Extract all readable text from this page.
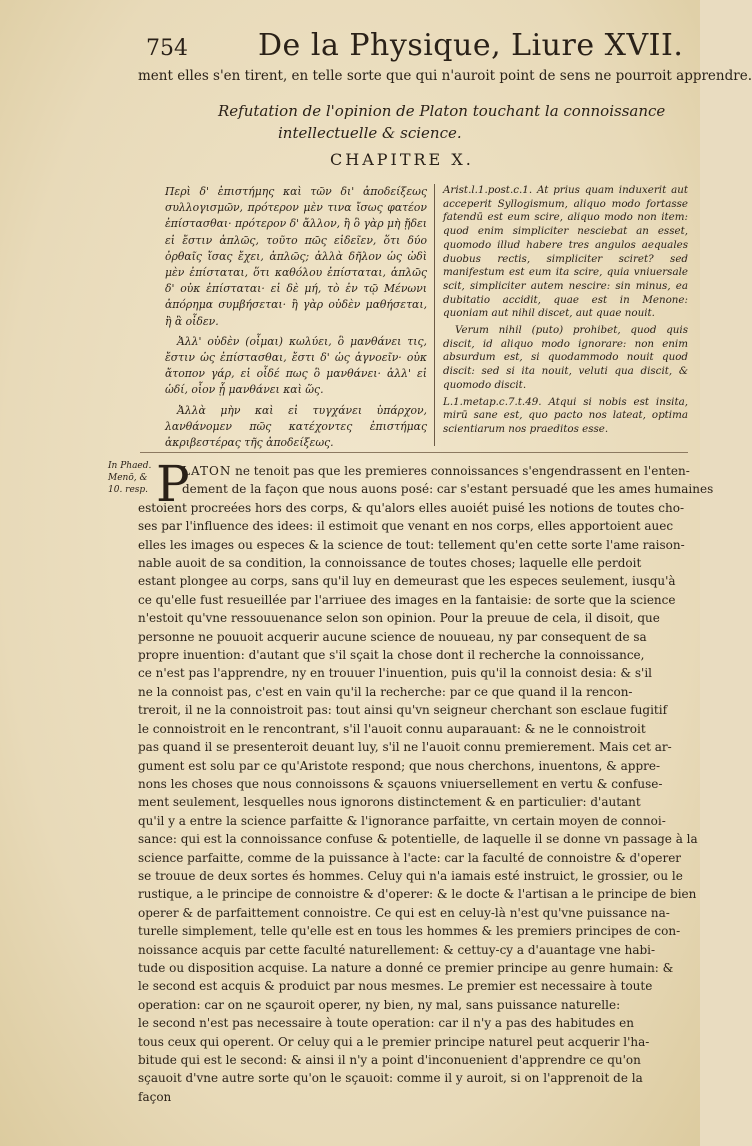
754 De la Physique, Liure XVII.
ment elles s'en tirent, en telle sorte que qui n'auroit point de sens ne pourroit apprendre.
Refutation de l'opinion de Platon touchant la connoissance
intellectuelle & science.
CHAPITRE X.

Περὶ δ' ἐπιστήμης καὶ τῶν δι' ἀποδείξεως συλλογισμῶν, πρότερον μὲν τινα ἴσως φατέον ἐπίστασθαι· πρότερον δ' ἄλλον, ἢ ὃ γὰρ μὴ ᾔδει εἰ ἔστιν ἁπλῶς, τοῦτο πῶς εἰδεῖεν, ὅτι δύο ὀρθαῖς ἴσας ἔχει, ἁπλῶς; ἀλλὰ δῆλον ὡς ὡδὶ μὲν ἐπίσταται, ὅτι καθόλου ἐπίσταται, ἁπλῶς δ' οὐκ ἐπίσταται· εἰ δὲ μή, τὸ ἐν τῷ Μένωνι ἀπόρημα συμβήσεται· ἢ γὰρ οὐδὲν μαθήσεται, ἢ ἃ οἶδεν.

Ἀλλ' οὐδὲν (οἶμαι) κωλύει, ὃ μανθάνει τις, ἔστιν ὡς ἐπίστασθαι, ἔστι δ' ὡς ἀγνοεῖν· οὐκ ἄτοπον γάρ, εἰ οἶδέ πως ὃ μανθάνει· ἀλλ' εἰ ὡδί, οἷον ᾗ μανθάνει καὶ ὥς.

Ἀλλὰ μὴν καὶ εἰ τυγχάνει ὑπάρχον, λανθάνομεν πῶς κατέχοντες ἐπιστήμας ἀκριβεστέρας τῆς ἀποδείξεως.

Arist.l.1.post.c.1. At prius quam induxerit aut acceperit Syllogismum, aliquo modo fortasse fatendū est eum scire, aliquo modo non item: quod enim simpliciter nesciebat an esset, quomodo illud habere tres angulos aequales duobus rectis, simpliciter sciret? sed manifestum est eum ita scire, quia vniuersale scit, simpliciter autem nescire: sin minus, ea dubitatio accidit, quae est in Menone: quoniam aut nihil discet, aut quae nouit.

Verum nihil (puto) prohibet, quod quis discit, id aliquo modo ignorare: non enim absurdum est, si quodammodo nouit quod discit: sed si ita nouit, veluti qua discit, & quomodo discit.

L.1.metap.c.7.t.49. Atqui si nobis est insita, mirū sane est, quo pacto nos lateat, optima scientiarum nos praeditos esse.

In Phaed. Menō, & 10. resp. P
LATON ne tenoit pas que les premieres connoissances s'engendrassent en l'enten-
dement de la façon que nous auons posé: car s'estant persuadé que les ames humaines
estoient procreées hors des corps, & qu'alors elles auoiét puisé les notions de toutes cho-
ses par l'influence des idees: il estimoit que venant en nos corps, elles apportoient auec
elles les images ou especes & la science de tout: tellement qu'en cette sorte l'ame raison-
nable auoit de sa condition, la connoissance de toutes choses; laquelle elle perdoit
estant plongee au corps, sans qu'il luy en demeurast que les especes seulement, iusqu'à
ce qu'elle fust resueillée par l'arriuee des images en la fantaisie: de sorte que la science
n'estoit qu'vne ressouuenance selon son opinion. Pour la preuue de cela, il disoit, que
personne ne pouuoit acquerir aucune science de nouueau, ny par consequent de sa
propre inuention: d'autant que s'il sçait la chose dont il recherche la connoissance,
ce n'est pas l'apprendre, ny en trouuer l'inuention, puis qu'il la connoist desia: & s'il
ne la connoist pas, c'est en vain qu'il la recherche: par ce que quand il la rencon-
treroit, il ne la connoistroit pas: tout ainsi qu'vn seigneur cherchant son esclaue fugitif
le connoistroit en le rencontrant, s'il l'auoit connu auparauant: & ne le connoistroit
pas quand il se presenteroit deuant luy, s'il ne l'auoit connu premierement. Mais cet ar-
gument est solu par ce qu'Aristote respond; que nous cherchons, inuentons, & appre-
nons les choses que nous connoissons & sçauons vniuersellement en vertu & confuse-
ment seulement, lesquelles nous ignorons distinctement & en particulier: d'autant
qu'il y a entre la science parfaitte & l'ignorance parfaitte, vn certain moyen de connoi-
sance: qui est la connoissance confuse & potentielle, de laquelle il se donne vn passage à la
science parfaitte, comme de la puissance à l'acte: car la faculté de connoistre & d'operer
se trouue de deux sortes és hommes. Celuy qui n'a iamais esté instruict, le grossier, ou le
rustique, a le principe de connoistre & d'operer: & le docte & l'artisan a le principe de bien
operer & de parfaittement connoistre. Ce qui est en celuy-là n'est qu'vne puissance na-
turelle simplement, telle qu'elle est en tous les hommes & les premiers principes de con-
noissance acquis par cette faculté naturellement: & cettuy-cy a d'auantage vne habi-
tude ou disposition acquise. La nature a donné ce premier principe au genre humain: &
le second est acquis & produict par nous mesmes. Le premier est necessaire à toute
operation: car on ne sçauroit operer, ny bien, ny mal, sans puissance naturelle:
le second n'est pas necessaire à toute operation: car il n'y a pas des habitudes en
tous ceux qui operent. Or celuy qui a le premier principe naturel peut acquerir l'ha-
bitude qui est le second: & ainsi il n'y a point d'inconuenient d'apprendre ce qu'on
sçauoit d'vne autre sorte qu'on le sçauoit: comme il y auroit, si on l'apprenoit de la
façon
